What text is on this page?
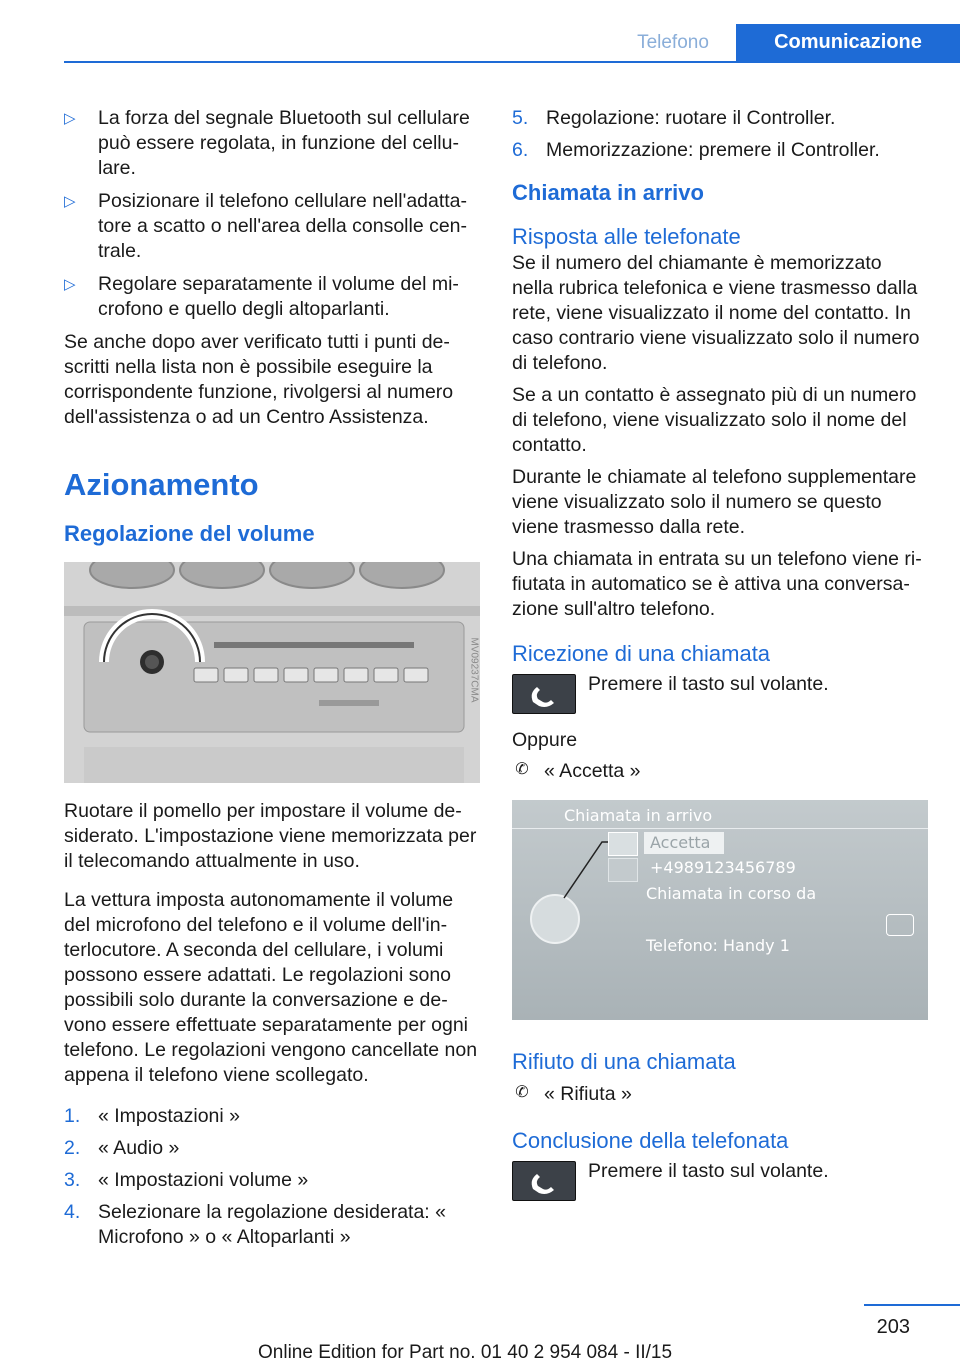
Telefono	Comunicazione
▷ La forza del segnale Bluetooth sul cellulare può essere regolata, in funzione del cellu‐ lare.
▷ Posizionare il telefono cellulare nell'adatta‐ tore a scatto o nell'area della consolle cen‐ trale.
▷ Regolare separatamente il volume del mi‐ crofono e quello degli altoparlanti.

Se anche dopo aver verificato tutti i punti de‐ scritti nella lista non è possibile eseguire la corrispondente funzione, rivolgersi al numero dell'assistenza o ad un Centro Assistenza.

Azionamento
Regolazione del volume
MV09237CMA

Ruotare il pomello per impostare il volume de‐ siderato. L'impostazione viene memorizzata per il telecomando attualmente in uso.

La vettura imposta autonomamente il volume del microfono del telefono e il volume dell'in‐ terlocutore. A seconda del cellulare, i volumi possono essere adattati. Le regolazioni sono possibili solo durante la conversazione e de‐ vono essere effettuate separatamente per ogni telefono. Le regolazioni vengono cancellate non appena il telefono viene scollegato.

1. « Impostazioni »
2. « Audio »
3. « Impostazioni volume »
4. Selezionare la regolazione desiderata: « Microfono » o « Altoparlanti »
5. Regolazione: ruotare il Controller.
6. Memorizzazione: premere il Controller.
Chiamata in arrivo
Risposta alle telefonate

Se il numero del chiamante è memorizzato nella rubrica telefonica e viene trasmesso dalla rete, viene visualizzato il nome del contatto. In caso contrario viene visualizzato solo il numero di telefono.

Se a un contatto è assegnato più di un numero di telefono, viene visualizzato solo il nome del contatto.

Durante le chiamate al telefono supplementare viene visualizzato solo il numero se questo viene trasmesso dalla rete.

Una chiamata in entrata su un telefono viene ri‐ fiutata in automatico se è attiva una conversa‐ zione sull'altro telefono.

Ricezione di una chiamata

Premere il tasto sul volante.

Oppure

✆ « Accetta »
Chiamata in arrivo
Accetta
+4989123456789
Chiamata in corso da
Telefono: Handy 1
Rifiuto di una chiamata
✆ « Rifiuta »
Conclusione della telefonata

Premere il tasto sul volante.

203
Online Edition for Part no. 01 40 2 954 084 - II/15
